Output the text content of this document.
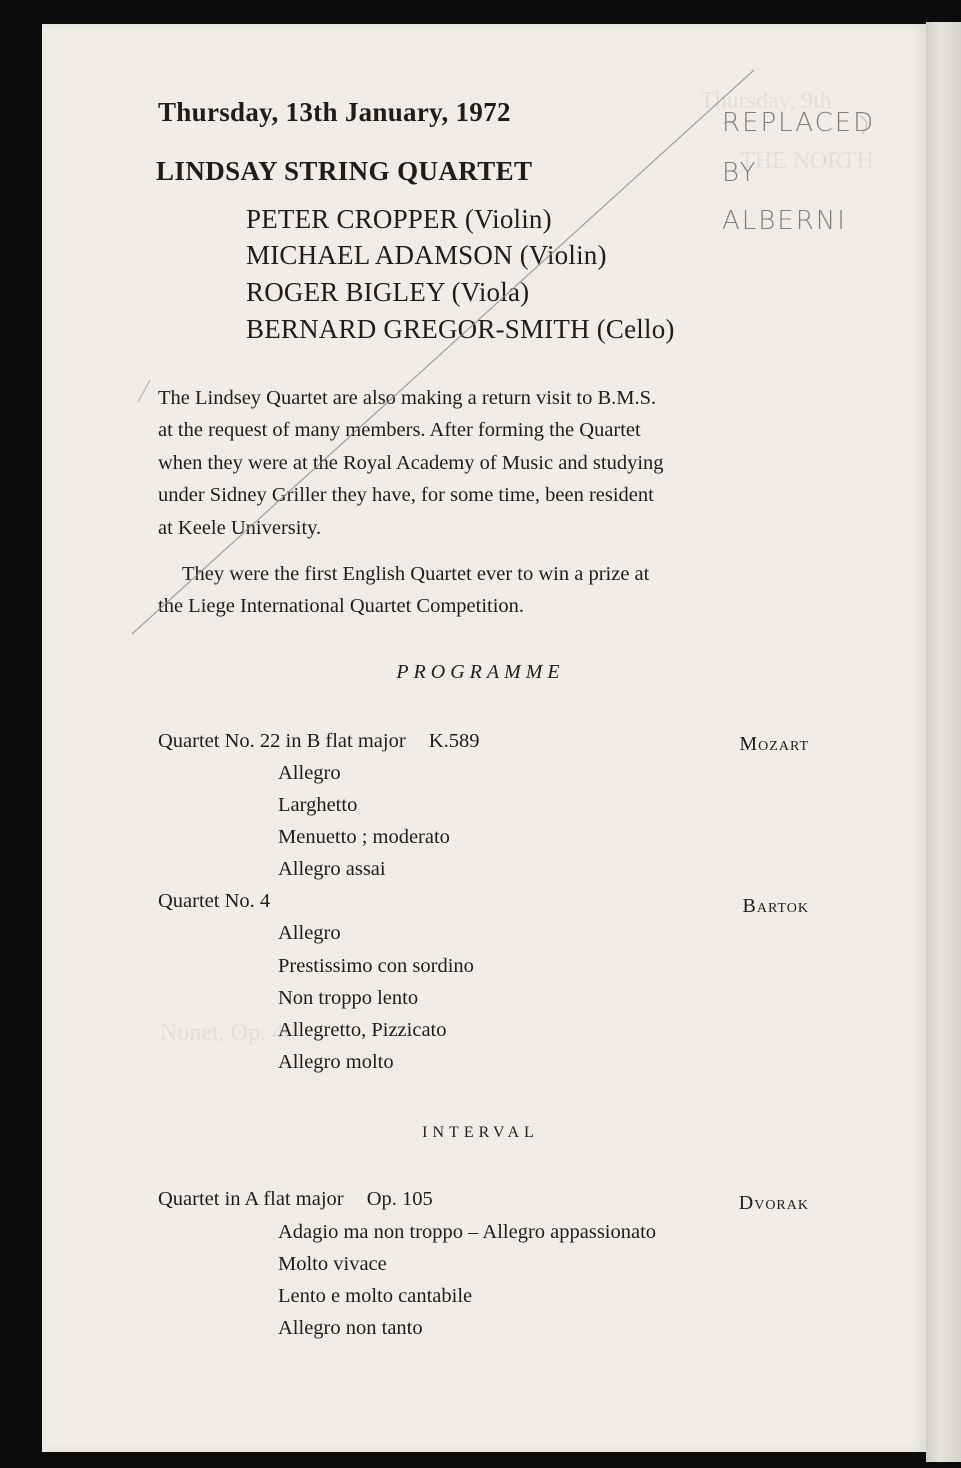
Thursday, 9th
THE NORTH
Nonet, Op. 40
Thursday, 13th January, 1972
LINDSAY STRING QUARTET
PETER CROPPER (Violin)
MICHAEL ADAMSON (Violin)
ROGER BIGLEY (Viola)
BERNARD GREGOR-SMITH (Cello)
REPLACED
BY
ALBERNI
The Lindsey Quartet are also making a return visit to B.M.S.
at the request of many members. After forming the Quartet
when they were at the Royal Academy of Music and studying
under Sidney Griller they have, for some time, been resident
at Keele University.
They were the first English Quartet ever to win a prize at
the Liege International Quartet Competition.
PROGRAMME
Quartet No. 22 in B flat major K.589	Mozart
Allegro
Larghetto
Menuetto ; moderato
Allegro assai
Quartet No. 4	Bartok
Allegro
Prestissimo con sordino
Non troppo lento
Allegretto, Pizzicato
Allegro molto
INTERVAL
Quartet in A flat major Op. 105	Dvorak
Adagio ma non troppo – Allegro appassionato
Molto vivace
Lento e molto cantabile
Allegro non tanto
